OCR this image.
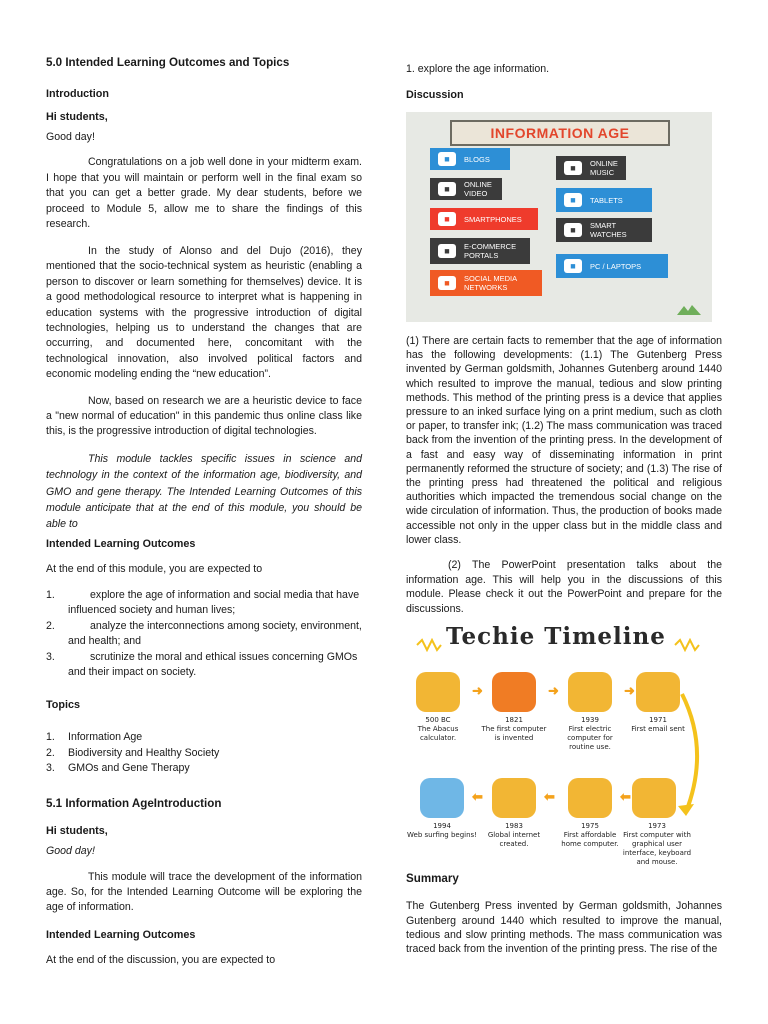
5.0 Intended Learning Outcomes and Topics

Introduction

Hi students,

Good day!

Congratulations on a job well done in your midterm exam. I hope that you will maintain or perform well in the final exam so that you can get a better grade. My dear students, before we proceed to Module 5, allow me to share the findings of this research.

In the study of Alonso and del Dujo (2016), they mentioned that the socio-technical system as heuristic (enabling a person to discover or learn something for themselves) device. It is a good methodological resource to interpret what is happening in education systems with the progressive introduction of digital technologies, helping us to understand the changes that are occurring, and documented here, concomitant with the technological innovation, also involved political factors and economic modeling ending the “new education”.

Now, based on research we are a heuristic device to face a "new normal of education" in this pandemic thus online class like this, is the progressive introduction of digital technologies.

This module tackles specific issues in science and technology in the context of the information age, biodiversity, and GMO and gene therapy. The Intended Learning Outcomes of this module anticipate that at the end of this module, you should be able to

Intended Learning Outcomes

At the end of this module, you are expected to

1.	explore the age of information and social media that have influenced society and human lives;
2.	analyze the interconnections among society, environment, and health; and
3.	scrutinize the moral and ethical issues concerning GMOs and their impact on society.

Topics

1. Information Age
2. Biodiversity and Healthy Society
3. GMOs and Gene Therapy

5.1 Information AgeIntroduction

Hi students,

Good day!

This module will trace the development of the information age. So, for the Intended Learning Outcome will be exploring the age of information.

Intended Learning Outcomes

At the end of the discussion, you are expected to

1. explore the age information.

Discussion

INFORMATION AGE
■	BLOGS
■	ONLINE VIDEO
■	SMARTPHONES
■	E-COMMERCE PORTALS
■	SOCIAL MEDIA NETWORKS
■	ONLINE MUSIC
■	TABLETS
■	SMART WATCHES
■	PC / LAPTOPS

(1) There are certain facts to remember that the age of information has the following developments: (1.1) The Gutenberg Press invented by German goldsmith, Johannes Gutenberg around 1440 which resulted to improve the manual, tedious and slow printing methods. This method of the printing press is a device that applies pressure to an inked surface lying on a print medium, such as cloth or paper, to transfer ink; (1.2) The mass communication was traced back from the invention of the printing press. In the development of a fast and easy way of disseminating information in print permanently reformed the structure of society; and (1.3) The rise of the printing press had threatened the political and religious authorities which impacted the tremendous social change on the wide circulation of information. Thus, the production of books made accessible not only in the upper class but in the middle class and lower class.

(2) The PowerPoint presentation talks about the information age. This will help you in the discussions of this module. Please check it out the PowerPoint and prepare for the discussions.

Techie Timeline
500 BC
The Abacus calculator.
➜
1821
The first computer is invented
➜
1939
First electric computer for routine use.
➜
1971
First email sent
1994
Web surfing begins!
⬅
1983
Global internet created.
⬅
1975
First affordable home computer.
⬅
1973
First computer with graphical user interface, keyboard and mouse.

Summary

The Gutenberg Press invented by German goldsmith, Johannes Gutenberg around 1440 which resulted to improve the manual, tedious and slow printing methods. The mass communication was traced back from the invention of the printing press. The rise of the
